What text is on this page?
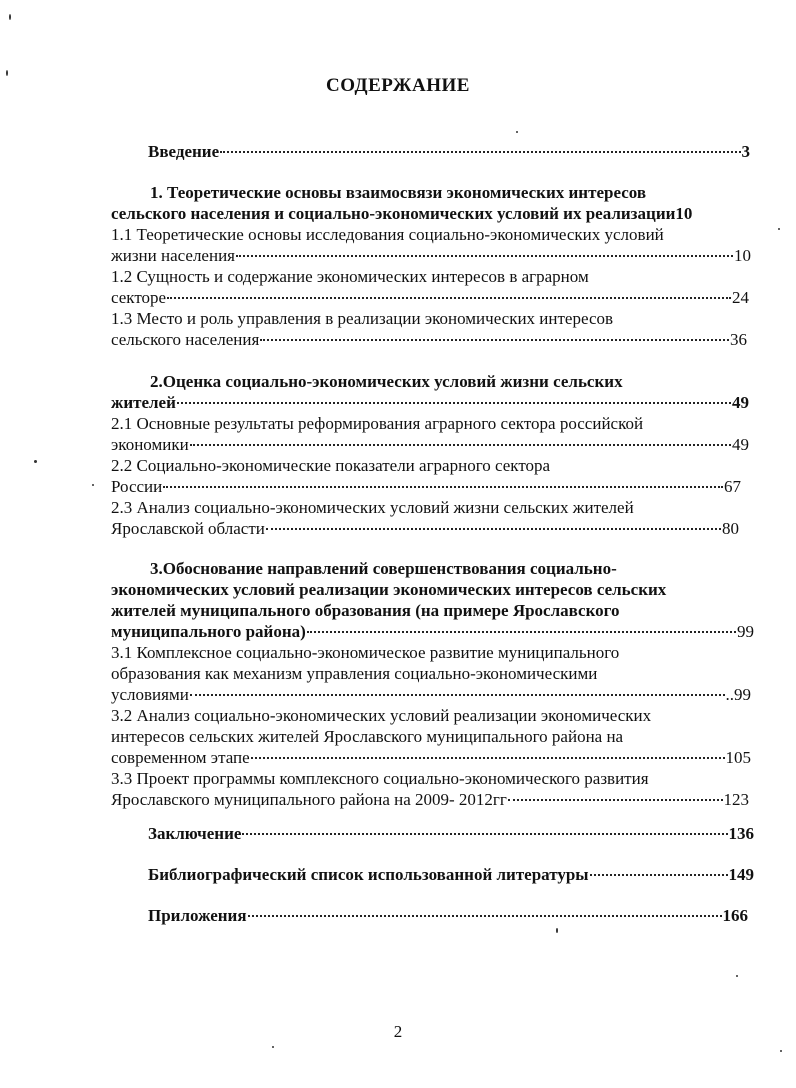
СОДЕРЖАНИЕ
Введение	3
1. Теоретические основы взаимосвязи экономических интересов
сельского населения и социально-экономических условий их реализации 10
1.1 Теоретические основы исследования социально-экономических условий
жизни населения	10
1.2 Сущность и содержание экономических интересов в аграрном
секторе	24
1.3 Место и роль управления в реализации экономических интересов
сельского населения	36
2.Оценка социально-экономических условий жизни сельских
жителей	49
2.1 Основные результаты реформирования аграрного сектора российской
экономики	49
2.2 Социально-экономические показатели аграрного сектора
России	67
2.3 Анализ социально-экономических условий жизни сельских жителей
Ярославской области	80
3.Обоснование направлений совершенствования социально-
экономических условий реализации экономических интересов сельских
жителей муниципального образования (на примере Ярославского
муниципального района)	99
3.1 Комплексное социально-экономическое развитие муниципального
образования как механизм управления социально-экономическими
условиями	..99
3.2 Анализ социально-экономических условий реализации экономических
интересов сельских жителей Ярославского муниципального района на
современном этапе	105
3.3 Проект программы комплексного социально-экономического развития
Ярославского муниципального района на 2009- 2012гг	123
Заключение	136
Библиографический список использованной литературы	149
Приложения	166
2
